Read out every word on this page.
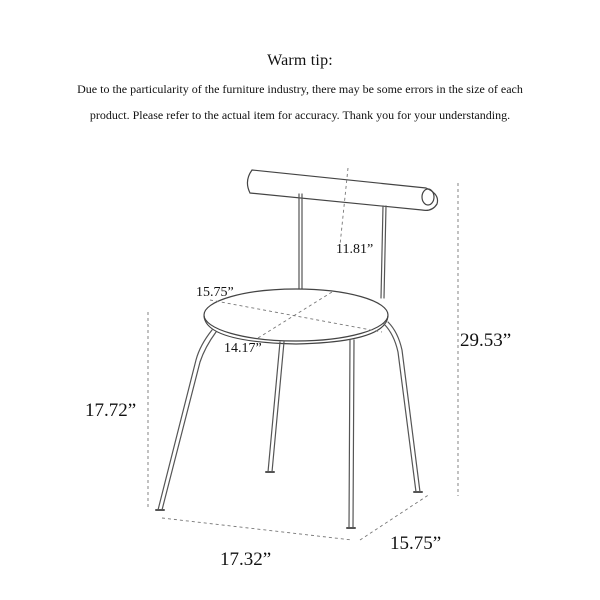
Warm tip:
Due to the particularity of the furniture industry, there may be some errors in the size of each
product. Please refer to the actual item for accuracy. Thank you for your understanding.
11.81”
15.75”
14.17”	29.53”
17.72”
17.32”
15.75”
